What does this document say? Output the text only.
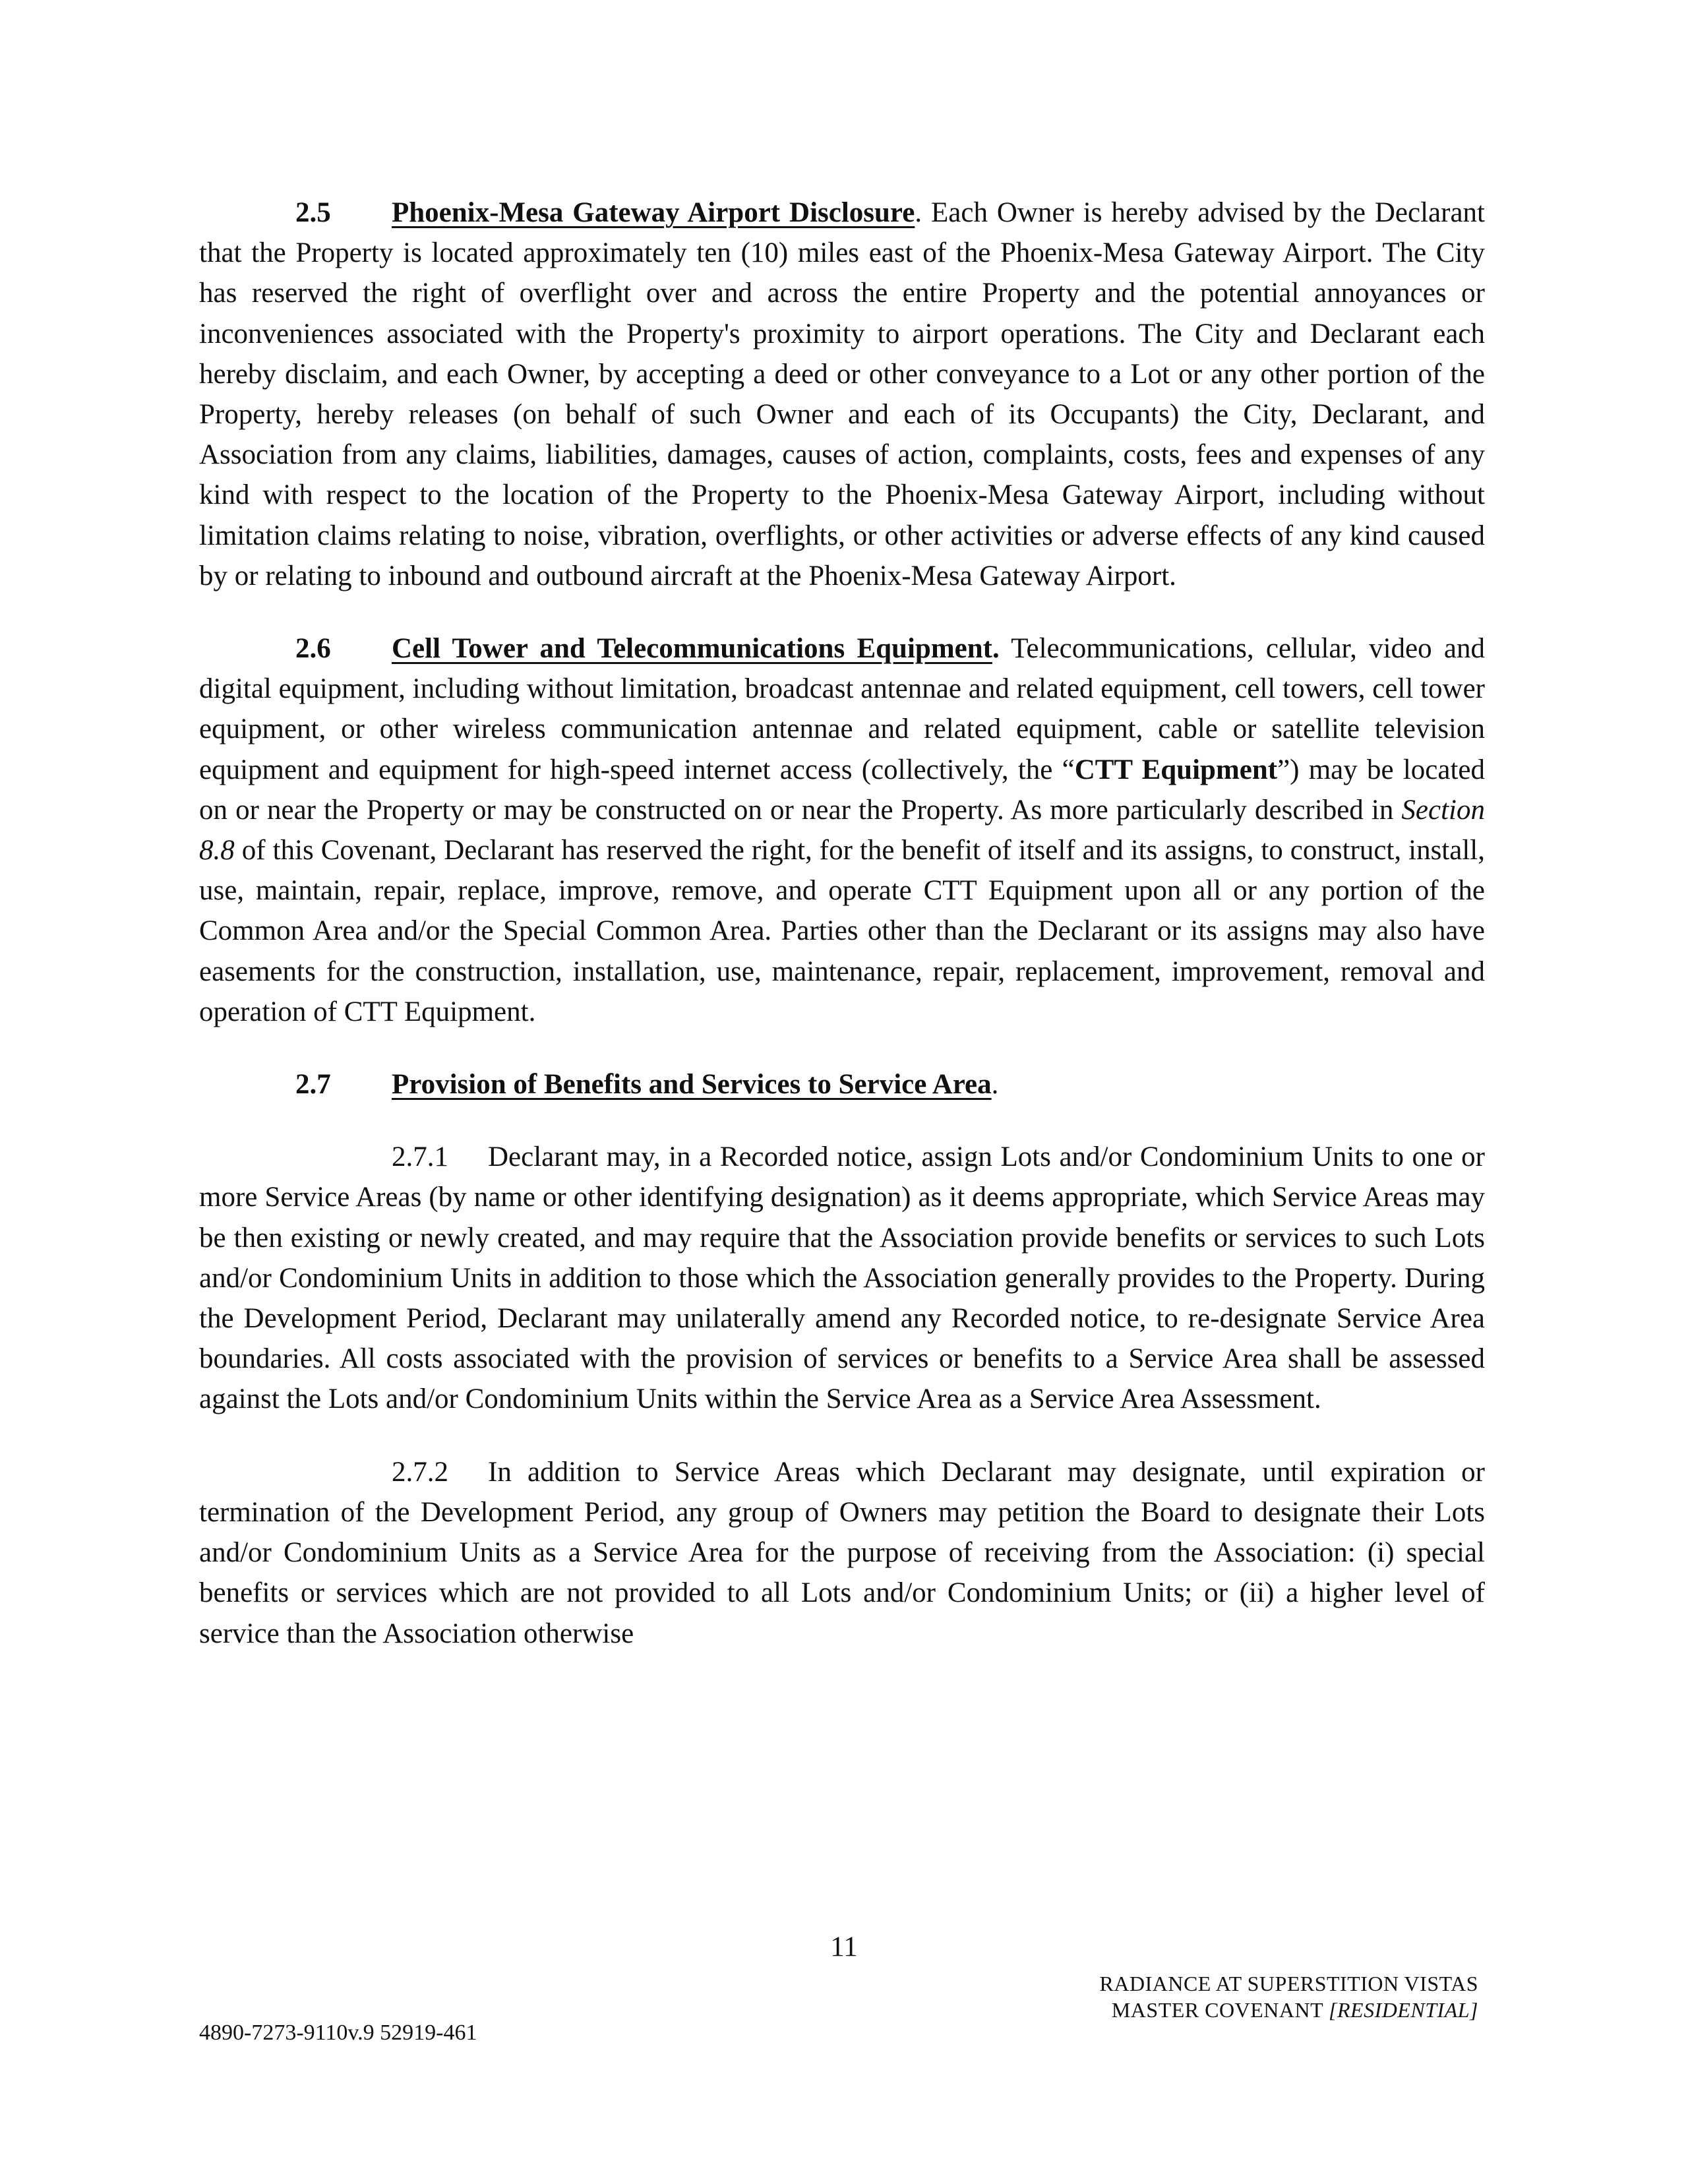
2.5 Phoenix-Mesa Gateway Airport Disclosure. Each Owner is hereby advised by the Declarant that the Property is located approximately ten (10) miles east of the Phoenix-Mesa Gateway Airport. The City has reserved the right of overflight over and across the entire Property and the potential annoyances or inconveniences associated with the Property's proximity to airport operations. The City and Declarant each hereby disclaim, and each Owner, by accepting a deed or other conveyance to a Lot or any other portion of the Property, hereby releases (on behalf of such Owner and each of its Occupants) the City, Declarant, and Association from any claims, liabilities, damages, causes of action, complaints, costs, fees and expenses of any kind with respect to the location of the Property to the Phoenix-Mesa Gateway Airport, including without limitation claims relating to noise, vibration, overflights, or other activities or adverse effects of any kind caused by or relating to inbound and outbound aircraft at the Phoenix-Mesa Gateway Airport.

2.6 Cell Tower and Telecommunications Equipment. Telecommunications, cellular, video and digital equipment, including without limitation, broadcast antennae and related equipment, cell towers, cell tower equipment, or other wireless communication antennae and related equipment, cable or satellite television equipment and equipment for high-speed internet access (collectively, the “CTT Equipment”) may be located on or near the Property or may be constructed on or near the Property. As more particularly described in Section 8.8 of this Covenant, Declarant has reserved the right, for the benefit of itself and its assigns, to construct, install, use, maintain, repair, replace, improve, remove, and operate CTT Equipment upon all or any portion of the Common Area and/or the Special Common Area. Parties other than the Declarant or its assigns may also have easements for the construction, installation, use, maintenance, repair, replacement, improvement, removal and operation of CTT Equipment.

2.7 Provision of Benefits and Services to Service Area.

2.7.1 Declarant may, in a Recorded notice, assign Lots and/or Condominium Units to one or more Service Areas (by name or other identifying designation) as it deems appropriate, which Service Areas may be then existing or newly created, and may require that the Association provide benefits or services to such Lots and/or Condominium Units in addition to those which the Association generally provides to the Property. During the Development Period, Declarant may unilaterally amend any Recorded notice, to re-designate Service Area boundaries. All costs associated with the provision of services or benefits to a Service Area shall be assessed against the Lots and/or Condominium Units within the Service Area as a Service Area Assessment.

2.7.2 In addition to Service Areas which Declarant may designate, until expiration or termination of the Development Period, any group of Owners may petition the Board to designate their Lots and/or Condominium Units as a Service Area for the purpose of receiving from the Association: (i) special benefits or services which are not provided to all Lots and/or Condominium Units; or (ii) a higher level of service than the Association otherwise

11
RADIANCE AT SUPERSTITION VISTAS
MASTER COVENANT [RESIDENTIAL]
4890-7273-9110v.9 52919-461
